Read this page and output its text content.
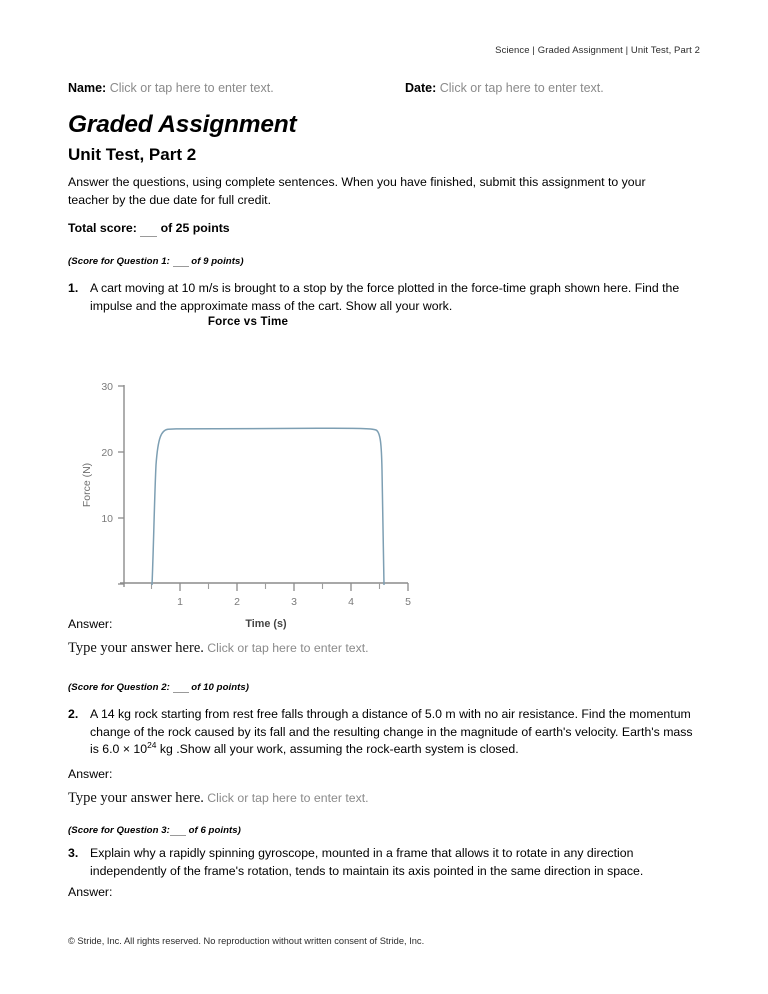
Science | Graded Assignment | Unit Test, Part 2
Name: Click or tap here to enter text.	Date: Click or tap here to enter text.
Graded Assignment
Unit Test, Part 2
Answer the questions, using complete sentences. When you have finished, submit this assignment to your teacher by the due date for full credit.
Total score: of 25 points
(Score for Question 1: of 9 points)
1. A cart moving at 10 m/s is brought to a stop by the force plotted in the force-time graph shown here. Find the impulse and the approximate mass of the cart. Show all your work.
Force vs Time
30
20
10
Force (N)
1	2	3	4	5
Time (s)
Answer:
Type your answer here. Click or tap here to enter text.
(Score for Question 2: of 10 points)
2. A 14 kg rock starting from rest free falls through a distance of 5.0 m with no air resistance. Find the momentum change of the rock caused by its fall and the resulting change in the magnitude of earth's velocity. Earth's mass is $6.0 \times 10^{24}$ kg .Show all your work, assuming the rock-earth system is closed.
Answer:
Type your answer here. Click or tap here to enter text.
(Score for Question 3: of 6 points)
3. Explain why a rapidly spinning gyroscope, mounted in a frame that allows it to rotate in any direction independently of the frame's rotation, tends to maintain its axis pointed in the same direction in space.
Answer:
© Stride, Inc. All rights reserved. No reproduction without written consent of Stride, Inc.
